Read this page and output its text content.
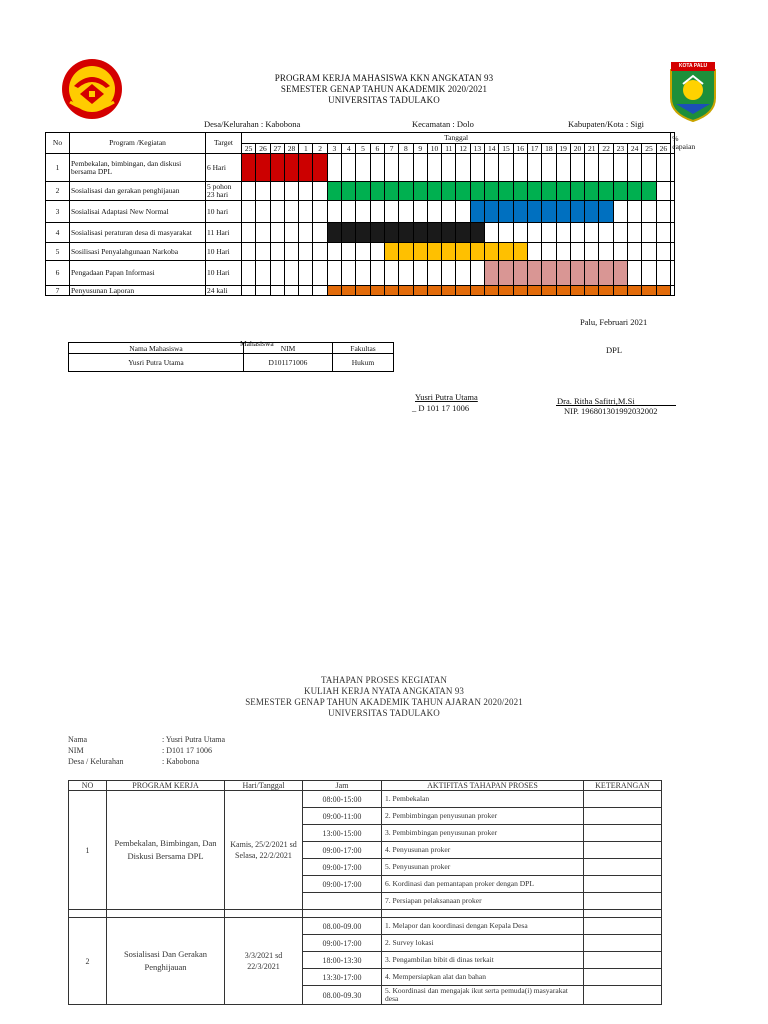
KOTA PALU
PROGRAM KERJA MAHASISWA KKN ANGKATAN 93
SEMESTER GENAP TAHUN AKADEMIK 2020/2021
UNIVERSITAS TADULAKO
Desa/Kelurahan : Kabobona	Kecamatan : Dolo	Kabupaten/Kota : Sigi
No	Program /Kegiatan	Target	Tanggal																														% capaian
			25	26	27	28	1	2	3	4	5	6	7	8	9	10	11	12	13	14	15	16	17	18	19	20	21	22	23	24	25	26	
1	Pembekalan, bimbingan, dan diskusi bersama DPL	6 Hari																															
2	Sosialisasi dan gerakan penghijauan	5 pohon 23 hari																															
3	Sosialisai Adaptasi New Normal	10 hari																															
4	Sosialisasi peraturan desa di masyarakat	11 Hari																															
5	Sosilisasi Penyalahgunaan Narkoba	10 Hari																															
6	Pengadaan Papan Informasi	10 Hari																															
7	Penyusunan Laporan	24 kali																															
Palu, Februari 2021
DPL
Mahasiswa
Nama Mahasiswa	NIM	Fakultas
Yusri Putra Utama	D101171006	Hukum
Yusri Putra Utama
_ D 101 17 1006
Dra. Ritha Safitri,M.Si
NIP. 196801301992032002
TAHAPAN PROSES KEGIATAN
KULIAH KERJA NYATA ANGKATAN 93
SEMESTER GENAP TAHUN AKADEMIK TAHUN AJARAN 2020/2021
UNIVERSITAS TADULAKO
Nama	: Yusri Putra Utama
NIM	: D101 17 1006
Desa / Kelurahan	: Kabobona
NO	PROGRAM KERJA	Hari/Tanggal	Jam	AKTIFITAS TAHAPAN PROSES	KETERANGAN
1	Pembekalan, Bimbingan, Dan Diskusi Bersama DPL	Kamis, 25/2/2021 sd Selasa, 22/2/2021	08:00-15:00	1. Pembekalan	
			09:00-11:00	2. Pembimbingan penyusunan proker	
			13:00-15:00	3. Pembimbingan penyusunan proker	
			09:00-17:00	4. Penyusunan proker	
			09:00-17:00	5. Penyusunan proker	
			09:00-17:00	6. Kordinasi dan pemantapan proker dengan DPL	
				7. Persiapan pelaksanaan proker	

2	Sosialisasi Dan Gerakan Penghijauan	3/3/2021 sd 22/3/2021	08.00-09.00	1. Melapor dan koordinasi dengan Kepala Desa	
			09:00-17:00	2. Survey lokasi	
			18:00-13:30	3. Pengambilan bibit di dinas terkait	
			13:30-17:00	4. Mempersiapkan alat dan bahan	
			08.00-09.30	5. Koordinasi dan mengajak ikut serta pemuda(i) masyarakat desa	
